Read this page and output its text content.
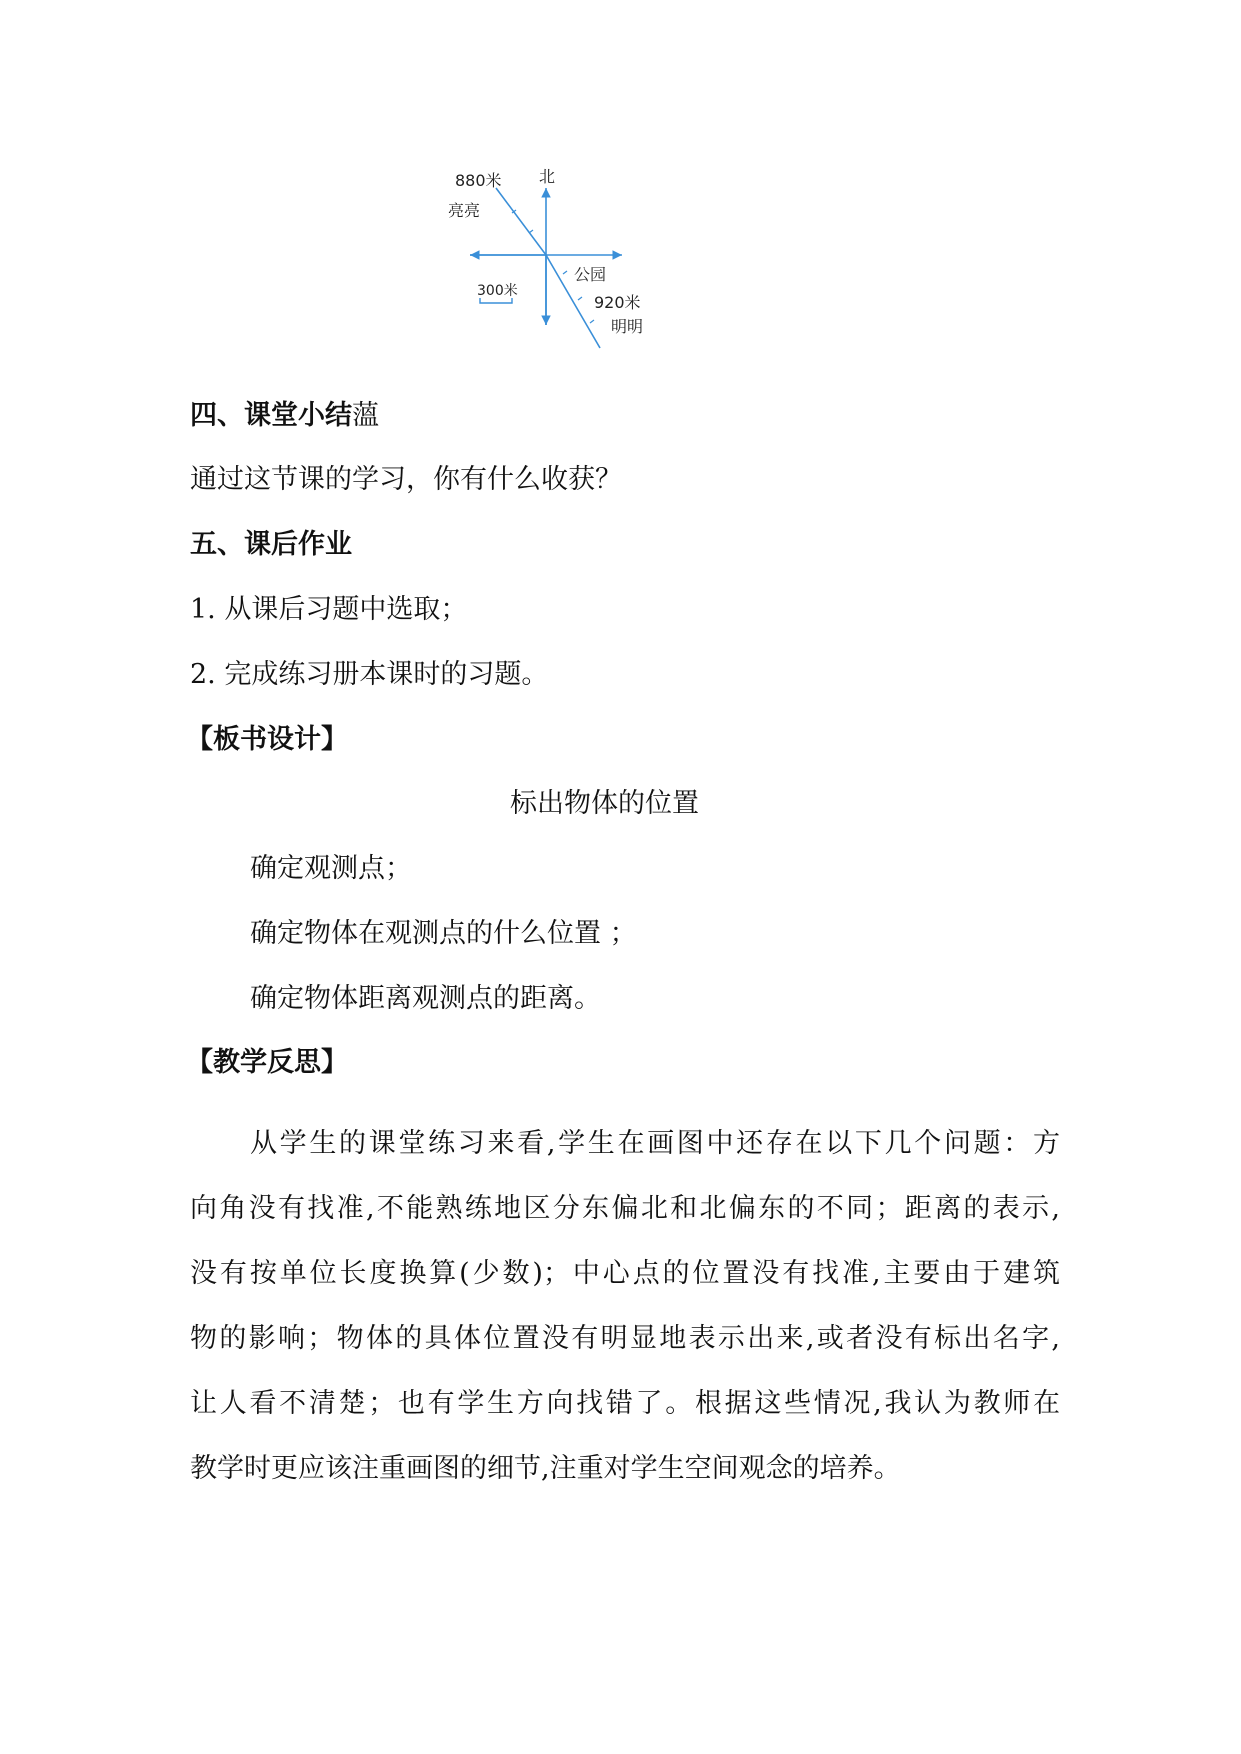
北
880米
亮亮
公园
920米
明明
300米
四、课堂小结薀
通过这节课的学习，你有什么收获？
五、课后作业
1. 从课后习题中选取；
2. 完成练习册本课时的习题。
【板书设计】
标出物体的位置
确定观测点；
确定物体在观测点的什么位置 ；
确定物体距离观测点的距离。
【教学反思】
从学生的课堂练习来看,学生在画图中还存在以下几个问题：方
向角没有找准,不能熟练地区分东偏北和北偏东的不同；距离的表示,
没有按单位长度换算(少数)；中心点的位置没有找准,主要由于建筑
物的影响；物体的具体位置没有明显地表示出来,或者没有标出名字,
让人看不清楚；也有学生方向找错了。根据这些情况,我认为教师在
教学时更应该注重画图的细节,注重对学生空间观念的培养。
